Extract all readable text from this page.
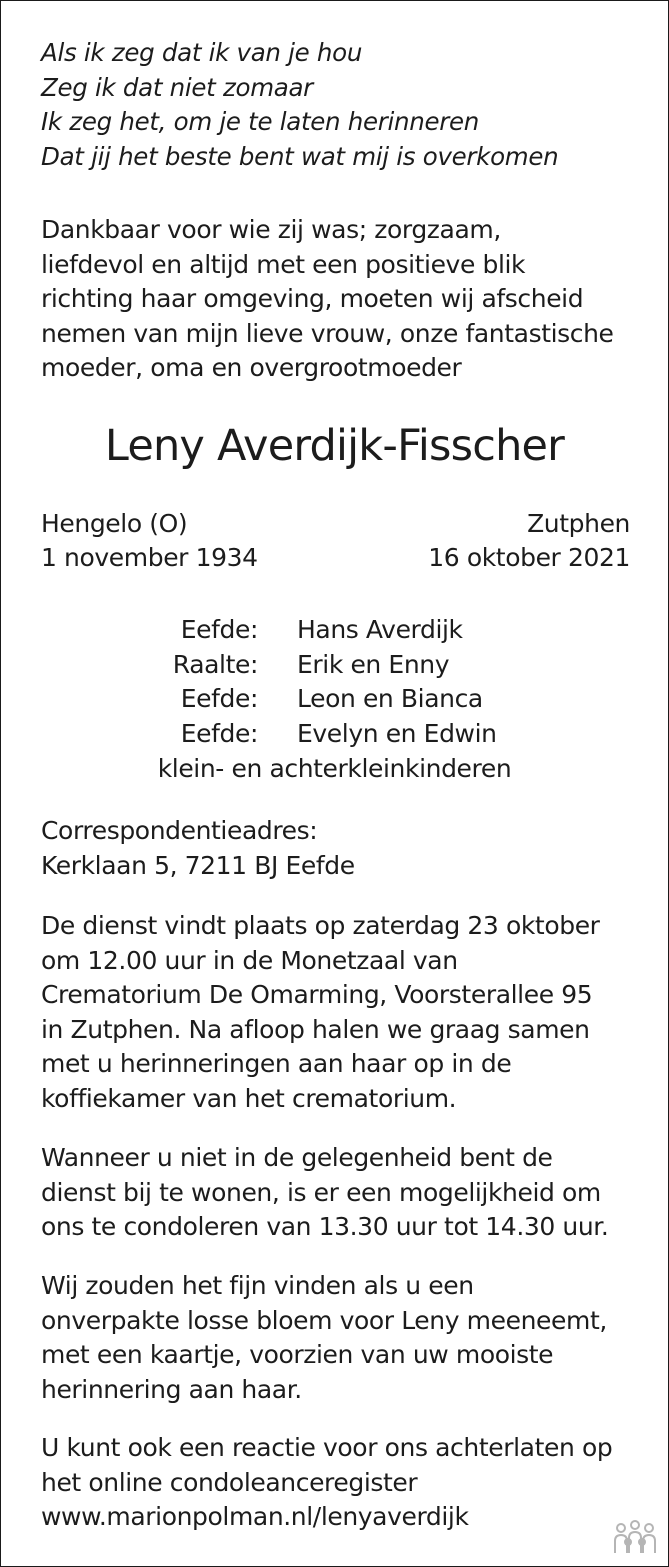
Als ik zeg dat ik van je hou
Zeg ik dat niet zomaar
Ik zeg het, om je te laten herinneren
Dat jij het beste bent wat mij is overkomen
Dankbaar voor wie zij was; zorgzaam,
liefdevol en altijd met een positieve blik
richting haar omgeving, moeten wij afscheid
nemen van mijn lieve vrouw, onze fantastische
moeder, oma en overgrootmoeder
Leny Averdijk-Fisscher
Hengelo (O)	Zutphen
1 november 1934	16 oktober 2021
Eefde: Hans Averdijk
Raalte: Erik en Enny
Eefde: Leon en Bianca
Eefde: Evelyn en Edwin
klein- en achterkleinkinderen
Correspondentieadres:
Kerklaan 5, 7211 BJ Eefde
De dienst vindt plaats op zaterdag 23 oktober
om 12.00 uur in de Monetzaal van
Crematorium De Omarming, Voorsterallee 95
in Zutphen. Na afloop halen we graag samen
met u herinneringen aan haar op in de
koffiekamer van het crematorium.
Wanneer u niet in de gelegenheid bent de
dienst bij te wonen, is er een mogelijkheid om
ons te condoleren van 13.30 uur tot 14.30 uur.
Wij zouden het fijn vinden als u een
onverpakte losse bloem voor Leny meeneemt,
met een kaartje, voorzien van uw mooiste
herinnering aan haar.
U kunt ook een reactie voor ons achterlaten op
het online condoleanceregister
www.marionpolman.nl/lenyaverdijk
